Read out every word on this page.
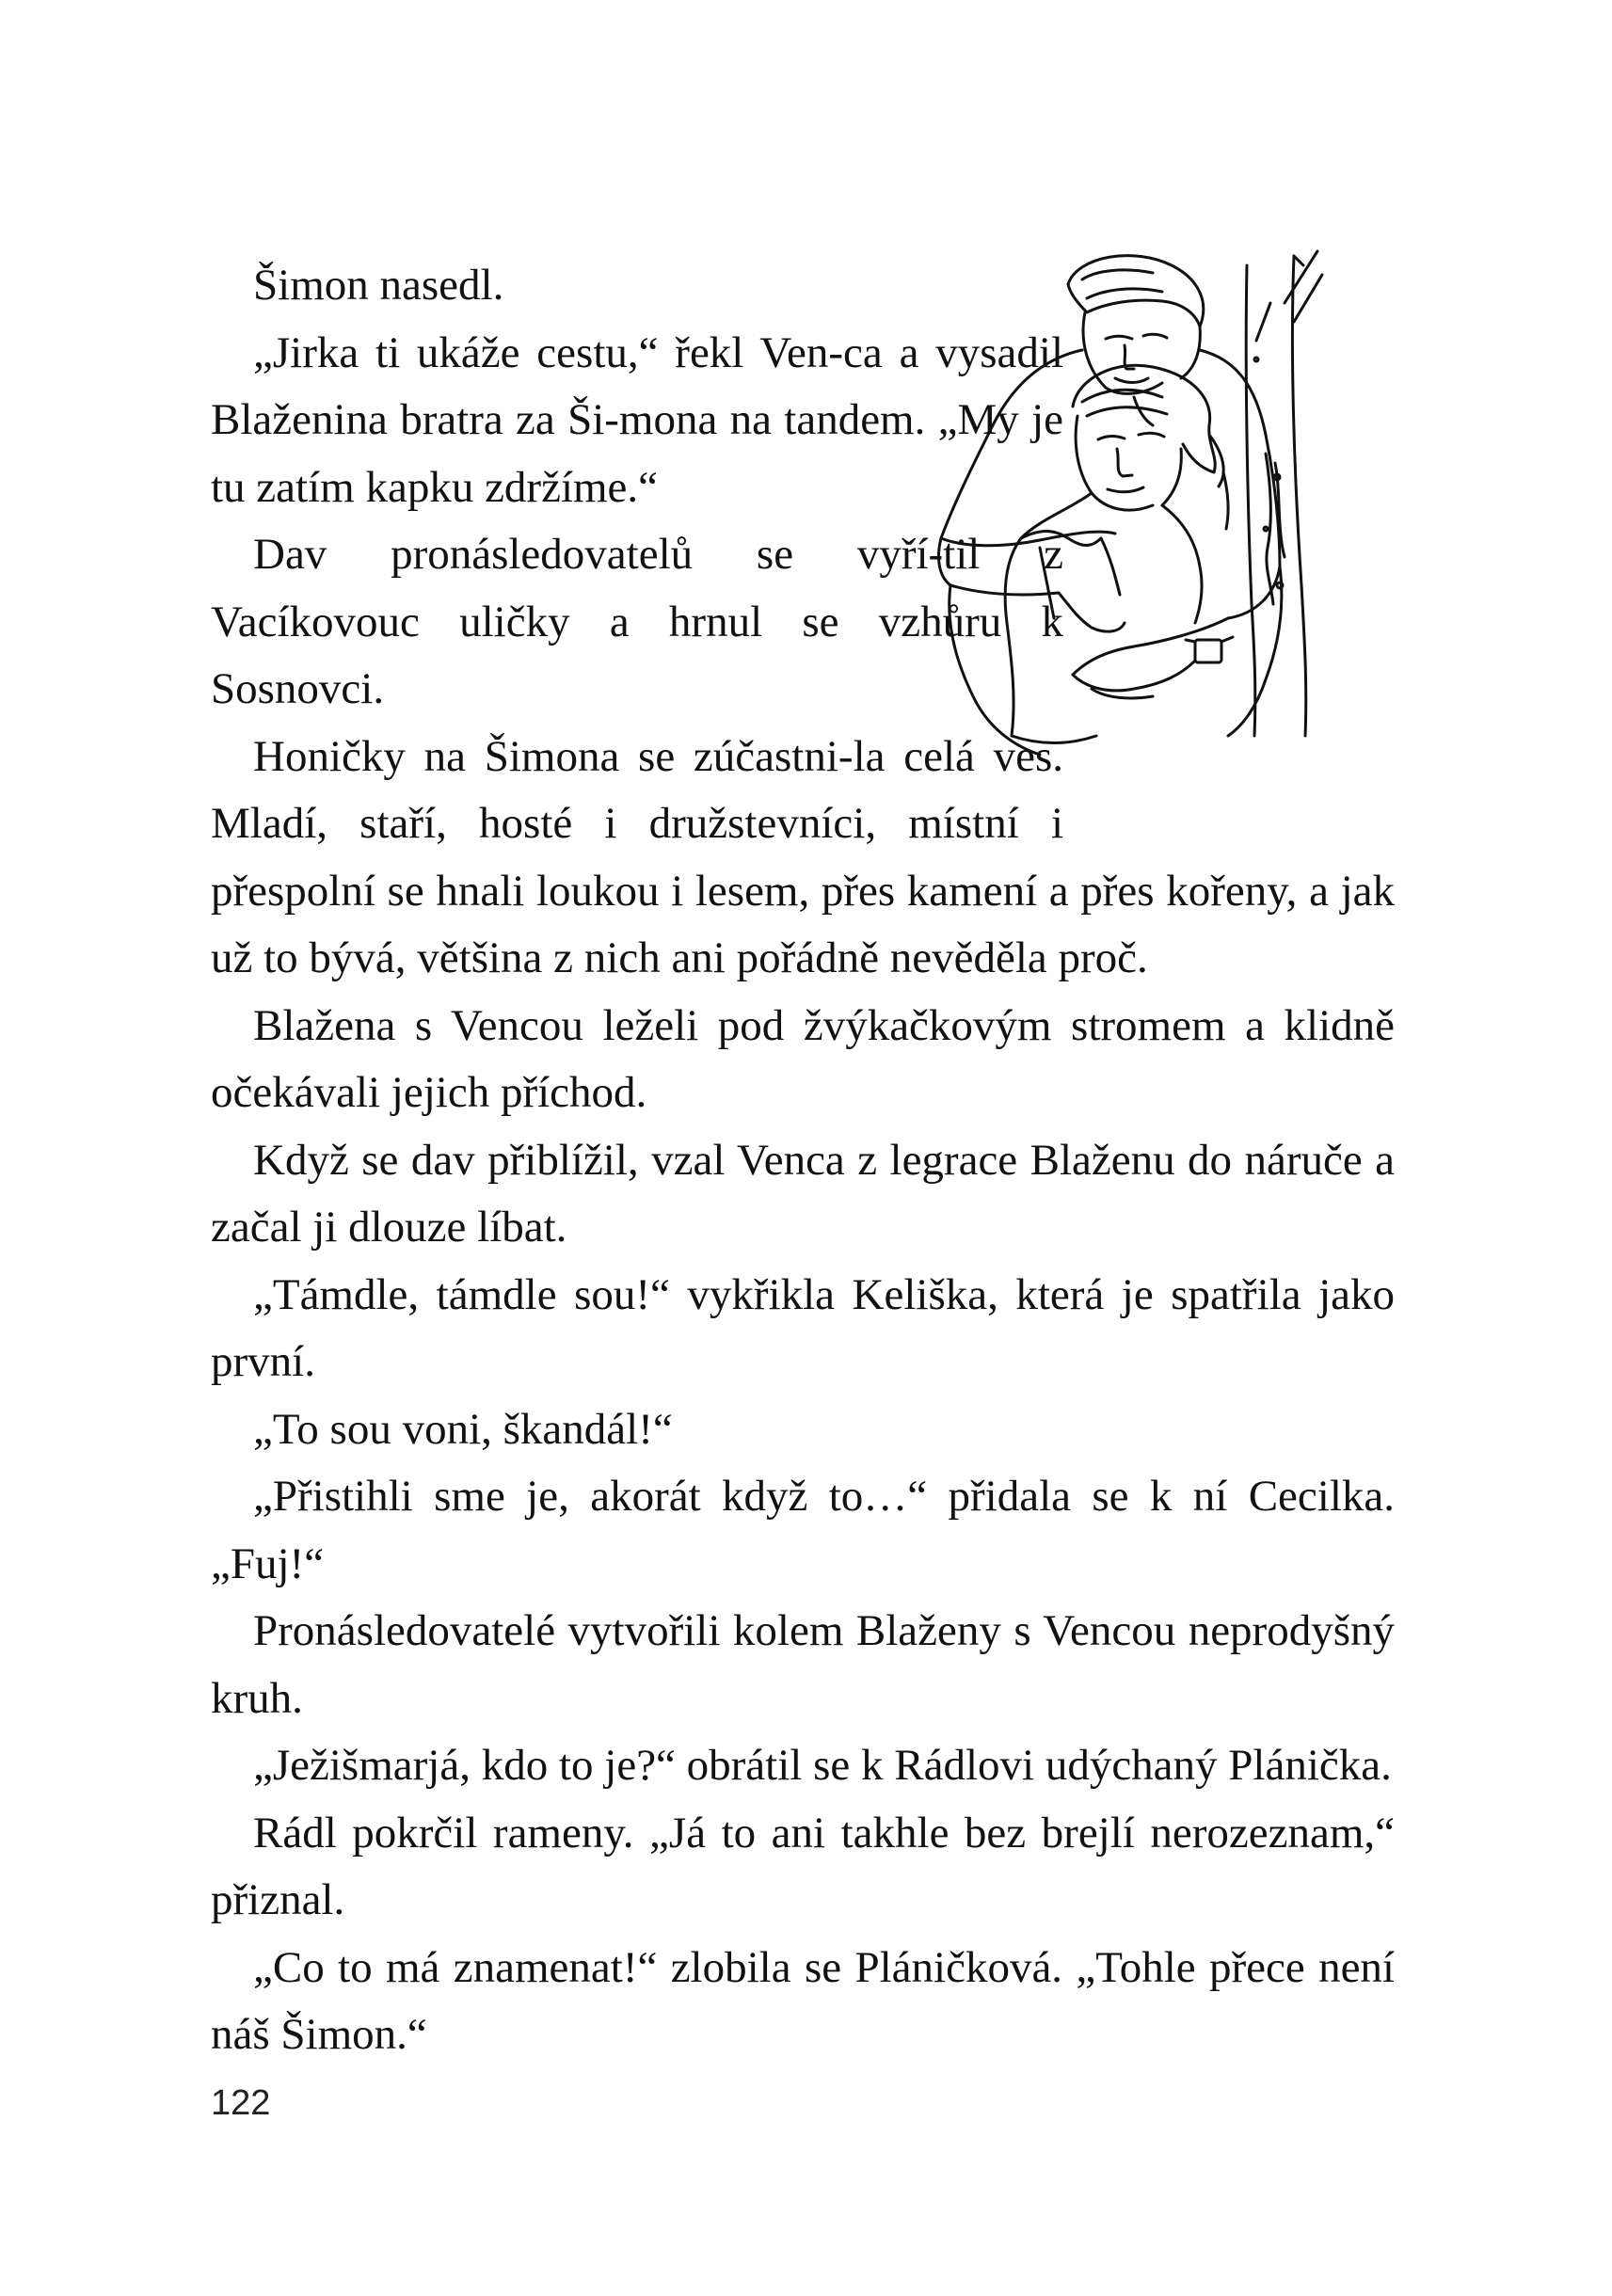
Šimon nasedl.

„Jirka ti ukáže cestu,“ řekl Ven-ca a vysadil Blaženina bratra za Ši-mona na tandem. „My je tu zatím kapku zdržíme.“

Dav pronásledovatelů se vyří-til z Vacíkovouc uličky a hrnul se vzhůru k Sosnovci.

Honičky na Šimona se zúčastni-la celá ves. Mladí, staří, hosté i družstevníci, místní i přespolní se hnali loukou i lesem, přes kamení a přes kořeny, a jak už to bývá, většina z nich ani pořádně nevěděla proč.

Blažena s Vencou leželi pod žvýkačkovým stromem a klidně očekávali jejich příchod.

Když se dav přiblížil, vzal Venca z legrace Blaženu do náruče a začal ji dlouze líbat.

„Támdle, támdle sou!“ vykřikla Keliška, která je spatřila jako první.

„To sou voni, škandál!“

„Přistihli sme je, akorát když to…“ přidala se k ní Cecilka. „Fuj!“

Pronásledovatelé vytvořili kolem Blaženy s Vencou neprodyšný kruh.

„Ježišmarjá, kdo to je?“ obrátil se k Rádlovi udýchaný Plánička.

Rádl pokrčil rameny. „Já to ani takhle bez brejlí nerozeznam,“ přiznal.

„Co to má znamenat!“ zlobila se Pláničková. „Tohle přece není náš Šimon.“

122
